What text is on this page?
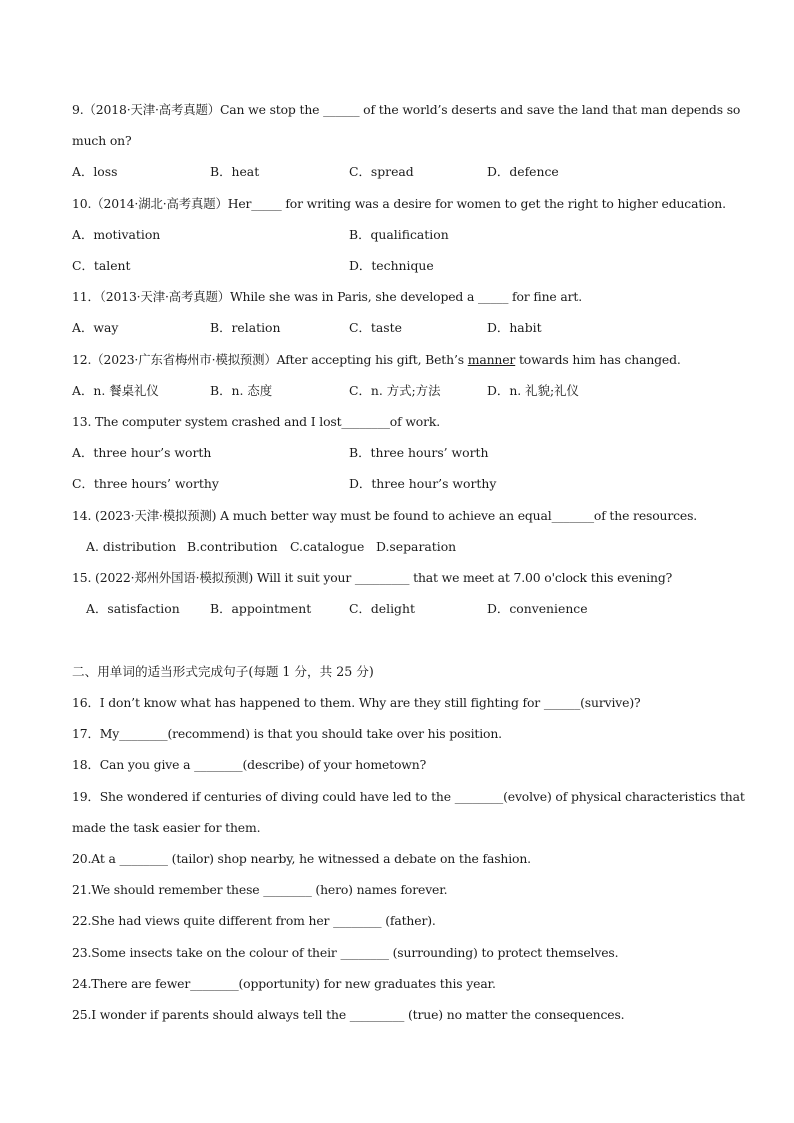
9.（2018·天津·高考真题）Can we stop the ______ of the world’s deserts and save the land that man depends so
much on?
A．loss	B．heat	C．spread	D．defence
10.（2014·湖北·高考真题）Her_____ for writing was a desire for women to get the right to higher education.
A．motivation	B．qualification
C．talent	D．technique
11．（2013·天津·高考真题）While she was in Paris, she developed a _____ for fine art.
A．way	B．relation	C．taste	D．habit
12.（2023·广东省梅州市·模拟预测）After accepting his gift, Beth’s manner towards him has changed.
A．n. 餐桌礼仪	B．n. 态度	C．n. 方式;方法	D．n. 礼貌;礼仪
13. The computer system crashed and I lost________of work.
A．three hour’s worth	B．three hours’ worth
C．three hours’ worthy	D．three hour’s worthy
14. (2023·天津·模拟预测) A much better way must be found to achieve an equal_______of the resources.
A. distribution B.contribution C.catalogue D.separation
15. (2022·郑州外国语·模拟预测) Will it suit your _________ that we meet at 7.00 o'clock this evening?
A．satisfaction B．appointment	C．delight	D．convenience
二、用单词的适当形式完成句子(每题 1 分，共 25 分)
16．I don’t know what has happened to them. Why are they still fighting for ______(survive)?
17．My________(recommend) is that you should take over his position.
18．Can you give a ________(describe) of your hometown?
19．She wondered if centuries of diving could have led to the ________(evolve) of physical characteristics that
made the task easier for them.
20.At a ________ (tailor) shop nearby, he witnessed a debate on the fashion.
21.We should remember these ________ (hero) names forever.
22.She had views quite different from her ________ (father).
23.Some insects take on the colour of their ________ (surrounding) to protect themselves.
24.There are fewer________(opportunity) for new graduates this year.
25.I wonder if parents should always tell the _________ (true) no matter the consequences.
